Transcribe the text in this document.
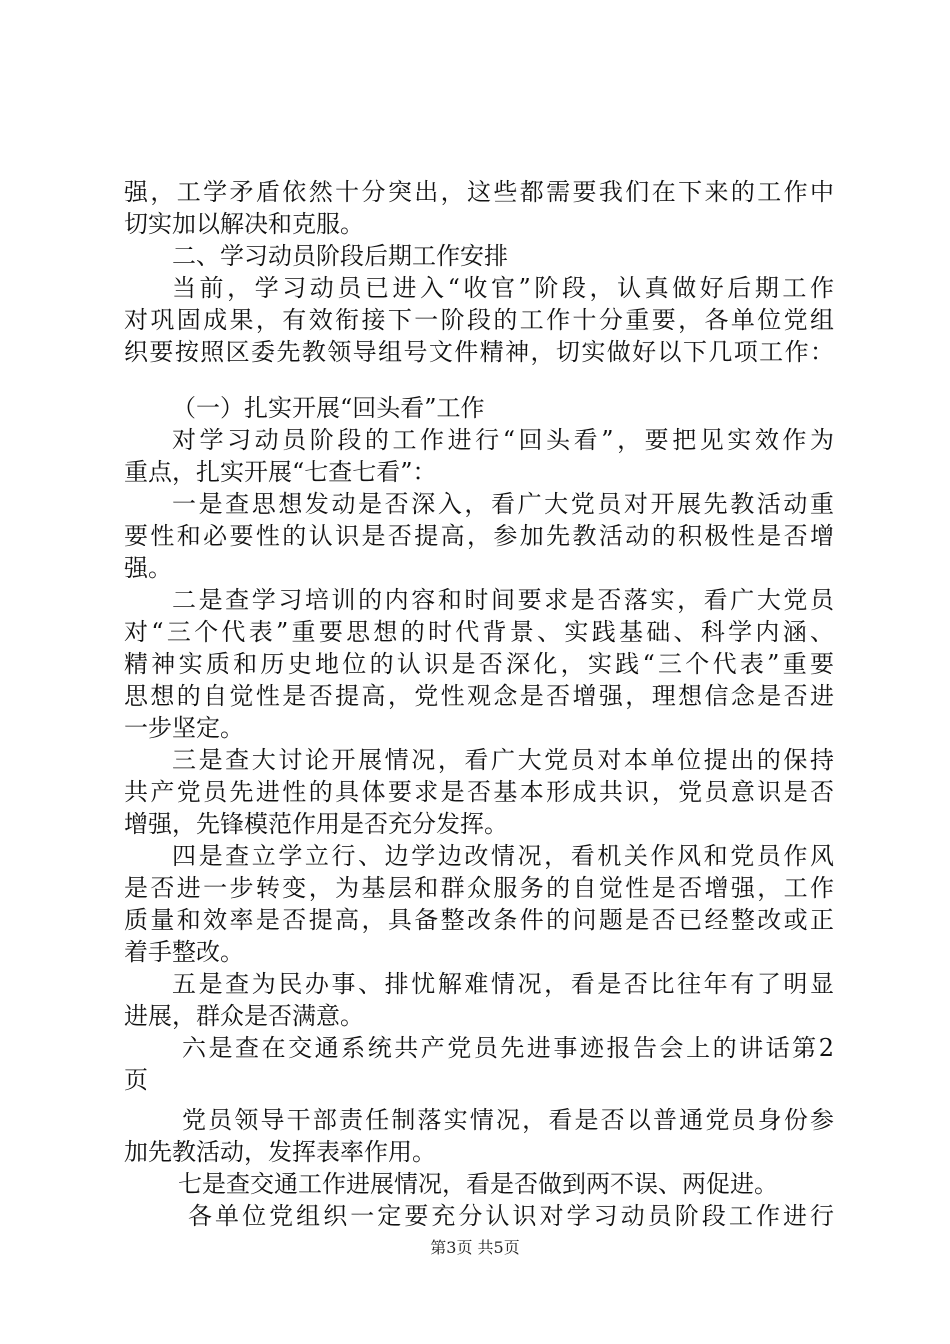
强，工学矛盾依然十分突出，这些都需要我们在下来的工作中
切实加以解决和克服。
二、学习动员阶段后期工作安排
当前，学习动员已进入“收官”阶段，认真做好后期工作
对巩固成果，有效衔接下一阶段的工作十分重要，各单位党组
织要按照区委先教领导组号文件精神，切实做好以下几项工作：
（一）扎实开展“回头看”工作
对学习动员阶段的工作进行“回头看”，要把见实效作为
重点，扎实开展“七查七看”：
一是查思想发动是否深入，看广大党员对开展先教活动重
要性和必要性的认识是否提高，参加先教活动的积极性是否增
强。
二是查学习培训的内容和时间要求是否落实，看广大党员
对“三个代表”重要思想的时代背景、实践基础、科学内涵、
精神实质和历史地位的认识是否深化，实践“三个代表”重要
思想的自觉性是否提高，党性观念是否增强，理想信念是否进
一步坚定。
三是查大讨论开展情况，看广大党员对本单位提出的保持
共产党员先进性的具体要求是否基本形成共识，党员意识是否
增强，先锋模范作用是否充分发挥。
四是查立学立行、边学边改情况，看机关作风和党员作风
是否进一步转变，为基层和群众服务的自觉性是否增强，工作
质量和效率是否提高，具备整改条件的问题是否已经整改或正
着手整改。
五是查为民办事、排忧解难情况，看是否比往年有了明显
进展，群众是否满意。
六是查在交通系统共产党员先进事迹报告会上的讲话第2
页
党员领导干部责任制落实情况，看是否以普通党员身份参
加先教活动，发挥表率作用。
七是查交通工作进展情况，看是否做到两不误、两促进。
各单位党组织一定要充分认识对学习动员阶段工作进行
第3页 共5页
